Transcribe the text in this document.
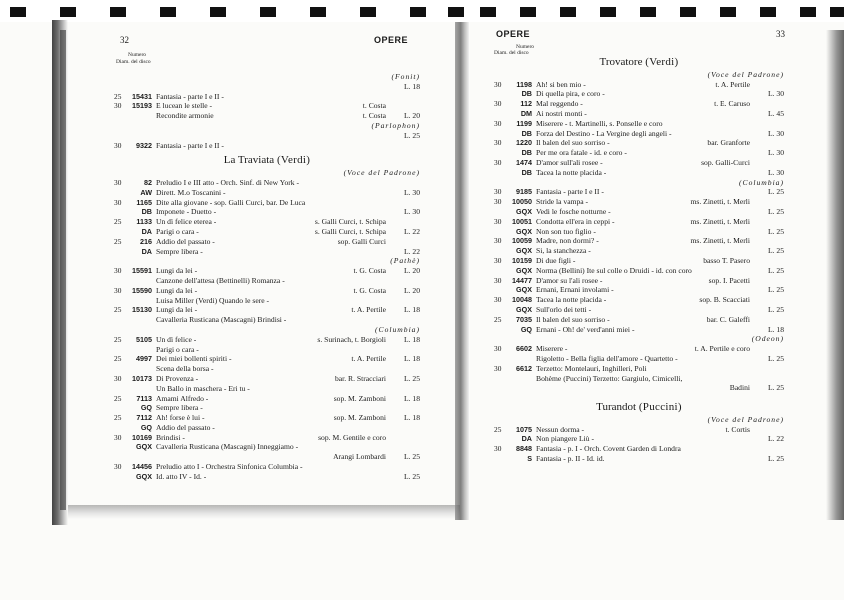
32	OPERE
Numero
Diam. del disco
(Fonit)
L. 18
25	15431 Fantasia - parte I e II -
30	15193 E lucean le stelle -	t. Costa
Recondite armonie	t. Costa	L. 20
(Parlophon)
L. 25
30	9322 Fantasia - parte I e II -
La Traviata (Verdi)
(Voce del Padrone)
30	82 Preludio I e III atto - Orch. Sinf. di New York -
AW Dirett. M.o Toscanini -	L. 30
30	1165 Dite alla giovane - sop. Galli Curci, bar. De Luca
DB Imponete - Duetto -	L. 30
25	1133 Un dì felice eterea -	s. Galli Curci, t. Schipa
DA Parigi o cara -	s. Galli Curci, t. Schipa	L. 22
25	216 Addio del passato -	sop. Galli Curci
DA Sempre libera -	L. 22
(Pathè)
30	15591 Lungi da lei -	t. G. Costa	L. 20
Canzone dell'attesa (Bettinelli) Romanza -
30	15590 Lungi da lei -	t. G. Costa	L. 20
Luisa Miller (Verdi) Quando le sere -
25	15130 Lungi da lei -	t. A. Pertile	L. 18
Cavalleria Rusticana (Mascagni) Brindisi -
(Columbia)
25	5105 Un dì felice -	s. Surinach, t. Borgioli	L. 18
Parigi o cara -
25	4997 Dei miei bollenti spiriti -	t. A. Pertile	L. 18
Scena della borsa -
30	10173 Di Provenza -	bar. R. Stracciari	L. 25
Un Ballo in maschera - Eri tu -
25	7113 Amami Alfredo -	sop. M. Zamboni	L. 18
GQ Sempre libera -
25	7112 Ah! forse è lui -	sop. M. Zamboni	L. 18
GQ Addio del passato -
30	10169 Brindisi -	sop. M. Gentile e coro
GQX Cavalleria Rusticana (Mascagni) Inneggiamo -
Arangi Lombardi	L. 25
30	14456 Preludio atto I - Orchestra Sinfonica Columbia -
GQX Id. atto IV - Id. -	L. 25
OPERE	33
Numero
Diam. del disco
Trovatore (Verdi)
(Voce del Padrone)
30	1198 Ah! si ben mio -	t. A. Pertile
DB Di quella pira, e coro -	L. 30
30	112 Mal reggendo -	t. E. Caruso
DM Ai nostri monti -	L. 45
30	1199 Miserere - t. Martinelli, s. Ponselle e coro
DB Forza del Destino - La Vergine degli angeli -	L. 30
30	1220 Il balen del suo sorriso -	bar. Granforte
DB Per me ora fatale - id. e coro -	L. 30
30	1474 D'amor sull'ali rosee -	sop. Galli-Curci
DB Tacea la notte placida -	L. 30
(Columbia)
30	9185 Fantasia - parte I e II -	L. 25
30	10050 Stride la vampa -	ms. Zinetti, t. Merli
GQX Vedi le fosche notturne -	L. 25
30	10051 Condotta ell'era in ceppi -	ms. Zinetti, t. Merli
GQX Non son tuo figlio -	L. 25
30	10059 Madre, non dormi? -	ms. Zinetti, t. Merli
GQX Si, la stanchezza -	L. 25
30	10159 Di due figli -	basso T. Pasero
GQX Norma (Bellini) Ite sul colle o Druidi - id. con coro	L. 25
30	14477 D'amor su l'ali rosee -	sop. I. Pacetti
GQX Ernani, Ernani involami -	L. 25
30	10048 Tacea la notte placida -	sop. B. Scacciati
GQX Sull'orlo dei tetti -	L. 25
25	7035 Il balen del suo sorriso -	bar. C. Galeffi
GQ Ernani - Oh! de' verd'anni miei -	L. 18
(Odeon)
30	6602 Miserere -	t. A. Pertile e coro
Rigoletto - Bella figlia dell'amore - Quartetto -	L. 25
30	6612 Terzetto: Montelauri, Inghilleri, Poli
Bohème (Puccini) Terzetto: Gargiulo, Cimicelli,
Badini	L. 25
Turandot (Puccini)
(Voce del Padrone)
25	1075 Nessun dorma -	t. Cortis
DA Non piangere Liù -	L. 22
30	8848 Fantasia - p. I - Orch. Covent Garden di Londra
S Fantasia - p. II - Id. id.	L. 25
